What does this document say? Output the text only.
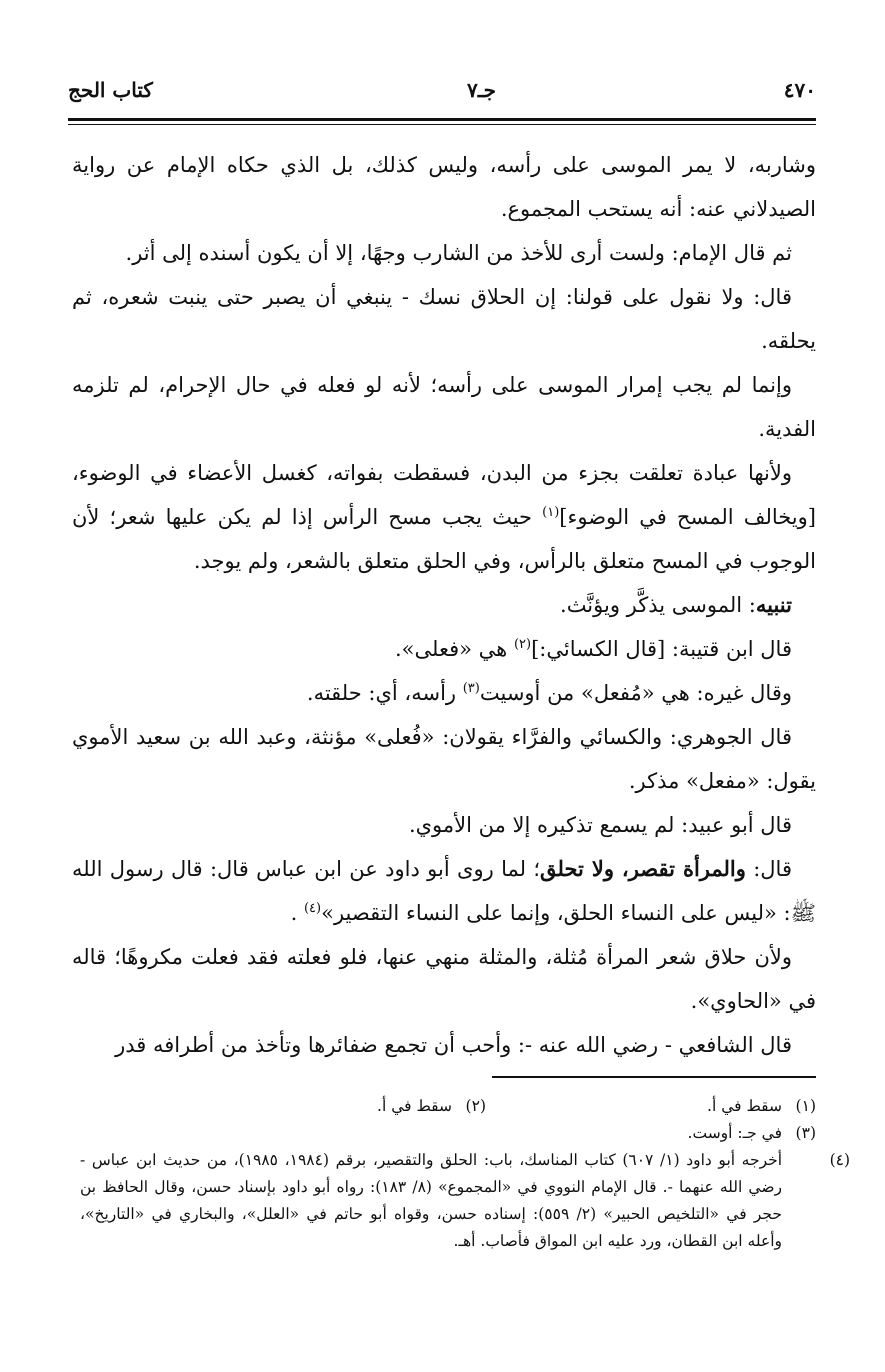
٤٧٠
جـ٧
كتاب الحج

وشاربه، لا يمر الموسى على رأسه، وليس كذلك، بل الذي حكاه الإمام عن رواية الصيدلاني عنه: أنه يستحب المجموع.

ثم قال الإمام: ولست أرى للأخذ من الشارب وجهًا، إلا أن يكون أسنده إلى أثر.

قال: ولا نقول على قولنا: إن الحلاق نسك - ينبغي أن يصبر حتى ينبت شعره، ثم يحلقه.

وإنما لم يجب إمرار الموسى على رأسه؛ لأنه لو فعله في حال الإحرام، لم تلزمه الفدية.

ولأنها عبادة تعلقت بجزء من البدن، فسقطت بفواته، كغسل الأعضاء في الوضوء، [ويخالف المسح في الوضوء]$^{(١)}$ حيث يجب مسح الرأس إذا لم يكن عليها شعر؛ لأن الوجوب في المسح متعلق بالرأس، وفي الحلق متعلق بالشعر، ولم يوجد.

تنبيه: الموسى يذكَّر ويؤنَّث.

قال ابن قتيبة: [قال الكسائي:]$^{(٢)}$ هي «فعلى».

وقال غيره: هي «مُفعل» من أوسيت$^{(٣)}$ رأسه، أي: حلقته.

قال الجوهري: والكسائي والفرَّاء يقولان: «فُعلى» مؤنثة، وعبد الله بن سعيد الأموي يقول: «مفعل» مذكر.

قال أبو عبيد: لم يسمع تذكيره إلا من الأموي.

قال: والمرأة تقصر، ولا تحلق؛ لما روى أبو داود عن ابن عباس قال: قال رسول الله ﷺ: «ليس على النساء الحلق، وإنما على النساء التقصير»$^{(٤)}$ .

ولأن حلاق شعر المرأة مُثلة، والمثلة منهي عنها، فلو فعلته فقد فعلت مكروهًا؛ قاله في «الحاوي».

قال الشافعي - رضي الله عنه -: وأحب أن تجمع ضفائرها وتأخذ من أطرافه قدر

(١)سقط في أ.
(٢)سقط في أ.
(٣)في جـ: أوست.
(٤)أخرجه أبو داود (١/ ٦٠٧) كتاب المناسك، باب: الحلق والتقصير، برقم (١٩٨٤، ١٩٨٥)، من حديث ابن عباس - رضي الله عنهما -. قال الإمام النووي في «المجموع» (٨/ ١٨٣): رواه أبو داود بإسناد حسن، وقال الحافظ بن حجر في «التلخيص الحبير» (٢/ ٥٥٩): إسناده حسن، وقواه أبو حاتم في «العلل»، والبخاري في «التاريخ»، وأعله ابن القطان، ورد عليه ابن المواق فأصاب. أهـ.
